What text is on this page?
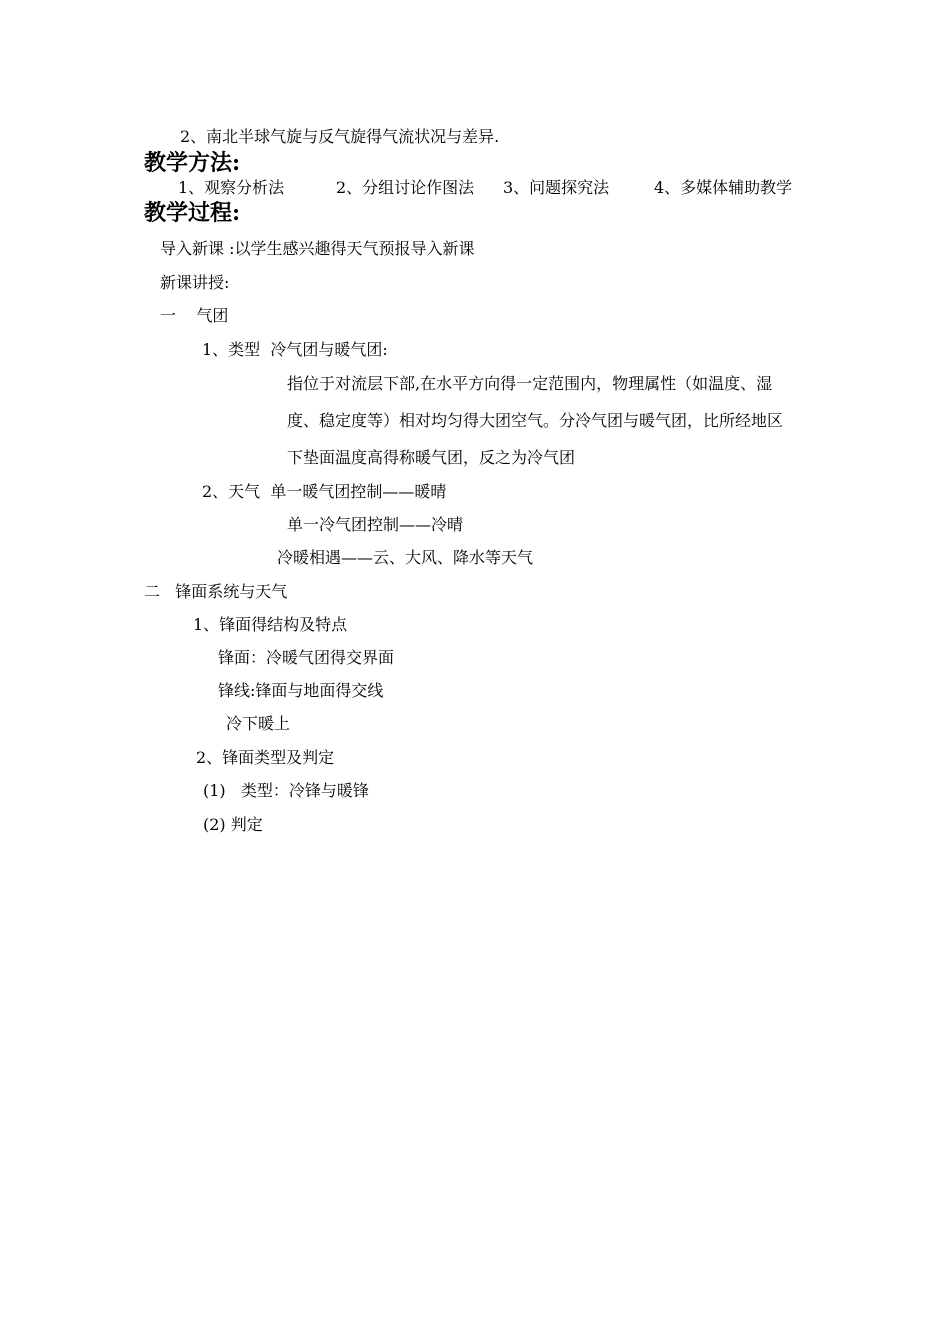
2、南北半球气旋与反气旋得气流状况与差异.
教学方法:
1、观察分析法	2、分组讨论作图法 3、问题探究法	4、多媒体辅助教学
教学过程:
导入新课 :以学生感兴趣得天气预报导入新课
新课讲授:
一    气团
1、类型  冷气团与暖气团:
指位于对流层下部,在水平方向得一定范围内，物理属性（如温度、湿
度、稳定度等）相对均匀得大团空气。分冷气团与暖气团，比所经地区
下垫面温度高得称暖气团，反之为冷气团
2、天气  单一暖气团控制——暖晴
单一冷气团控制——冷晴
冷暖相遇——云、大风、降水等天气
二   锋面系统与天气
1、锋面得结构及特点
锋面：冷暖气团得交界面
锋线:锋面与地面得交线
冷下暖上
2、锋面类型及判定
(1)   类型：冷锋与暖锋
(2) 判定
